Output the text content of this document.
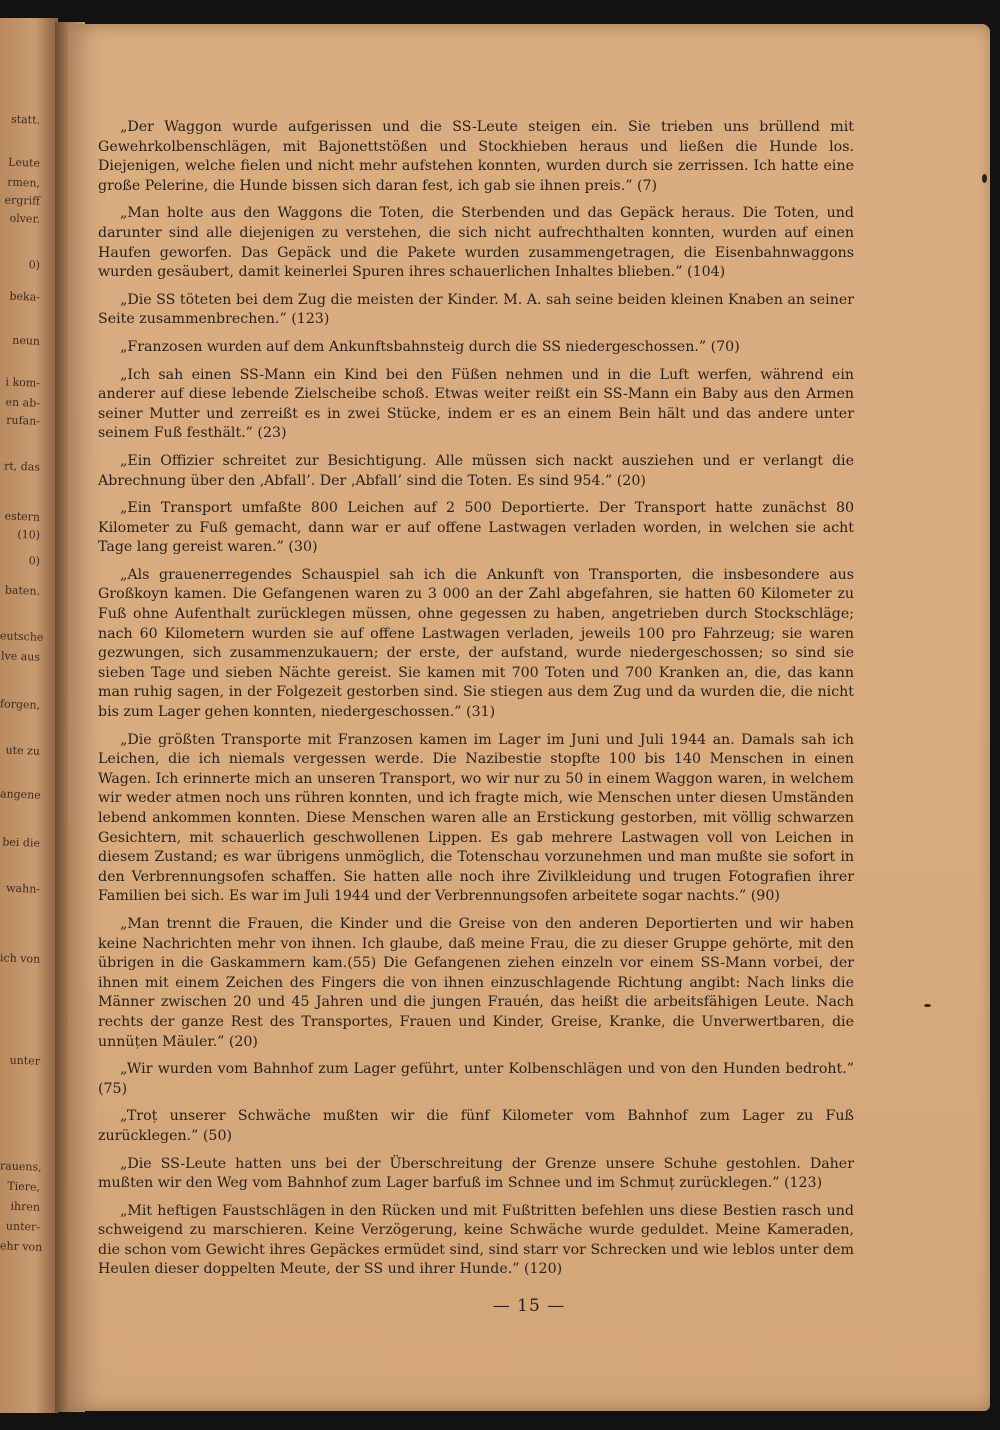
statt.
Leute
rmen,
ergriff
olver.
0)
beka-
neun
i kom-
en ab-
rufan-
rt, das
estern
(10)
0)
baten.
eutsche
lve aus
forgen,
ute zu
angene
bei die
wahn-
ich von
unter
rauens,
Tiere,
ihren
unter-
ehr von

„Der Waggon wurde aufgerissen und die SS-Leute steigen ein. Sie trieben uns brüllend mit Gewehrkolbenschlägen, mit Bajonettstößen und Stockhieben heraus und ließen die Hunde los. Diejenigen, welche fielen und nicht mehr aufstehen konnten, wurden durch sie zerrissen. Ich hatte eine große Pelerine, die Hunde bissen sich daran fest, ich gab sie ihnen preis.” (7)

„Man holte aus den Waggons die Toten, die Sterbenden und das Gepäck heraus. Die Toten, und darunter sind alle diejenigen zu verstehen, die sich nicht aufrechthalten konnten, wurden auf einen Haufen geworfen. Das Gepäck und die Pakete wurden zusammengetragen, die Eisenbahnwaggons wurden gesäubert, damit keinerlei Spuren ihres schauerlichen Inhaltes blieben.” (104)

„Die SS töteten bei dem Zug die meisten der Kinder. M. A. sah seine beiden kleinen Knaben an seiner Seite zusammenbrechen.” (123)

„Franzosen wurden auf dem Ankunftsbahnsteig durch die SS niedergeschossen.” (70)

„Ich sah einen SS-Mann ein Kind bei den Füßen nehmen und in die Luft werfen, während ein anderer auf diese lebende Zielscheibe schoß. Etwas weiter reißt ein SS-Mann ein Baby aus den Armen seiner Mutter und zerreißt es in zwei Stücke, indem er es an einem Bein hält und das andere unter seinem Fuß festhält.” (23)

„Ein Offizier schreitet zur Besichtigung. Alle müssen sich nackt ausziehen und er verlangt die Abrechnung über den ‚Abfall’. Der ‚Abfall’ sind die Toten. Es sind 954.” (20)

„Ein Transport umfaßte 800 Leichen auf 2 500 Deportierte. Der Transport hatte zunächst 80 Kilometer zu Fuß gemacht, dann war er auf offene Lastwagen verladen worden, in welchen sie acht Tage lang gereist waren.” (30)

„Als grauenerregendes Schauspiel sah ich die Ankunft von Transporten, die insbesondere aus Großkoyn kamen. Die Gefangenen waren zu 3 000 an der Zahl abgefahren, sie hatten 60 Kilometer zu Fuß ohne Aufenthalt zurücklegen müssen, ohne gegessen zu haben, angetrieben durch Stockschläge; nach 60 Kilometern wurden sie auf offene Lastwagen verladen, jeweils 100 pro Fahrzeug; sie waren gezwungen, sich zusammenzukauern; der erste, der aufstand, wurde niedergeschossen; so sind sie sieben Tage und sieben Nächte gereist. Sie kamen mit 700 Toten und 700 Kranken an, die, das kann man ruhig sagen, in der Folgezeit gestorben sind. Sie stiegen aus dem Zug und da wurden die, die nicht bis zum Lager gehen konnten, niedergeschossen.” (31)

„Die größten Transporte mit Franzosen kamen im Lager im Juni und Juli 1944 an. Damals sah ich Leichen, die ich niemals vergessen werde. Die Nazibestie stopfte 100 bis 140 Menschen in einen Wagen. Ich erinnerte mich an unseren Transport, wo wir nur zu 50 in einem Waggon waren, in welchem wir weder atmen noch uns rühren konnten, und ich fragte mich, wie Menschen unter diesen Umständen lebend ankommen konnten. Diese Menschen waren alle an Erstickung gestorben, mit völlig schwarzen Gesichtern, mit schauerlich geschwollenen Lippen. Es gab mehrere Lastwagen voll von Leichen in diesem Zustand; es war übrigens unmöglich, die Totenschau vorzunehmen und man mußte sie sofort in den Verbrennungsofen schaffen. Sie hatten alle noch ihre Zivilkleidung und trugen Fotografien ihrer Familien bei sich. Es war im Juli 1944 und der Verbrennungsofen arbeitete sogar nachts.” (90)

„Man trennt die Frauen, die Kinder und die Greise von den anderen Deportierten und wir haben keine Nachrichten mehr von ihnen. Ich glaube, daß meine Frau, die zu dieser Gruppe gehörte, mit den übrigen in die Gaskammern kam.(55) Die Gefangenen ziehen einzeln vor einem SS-Mann vorbei, der ihnen mit einem Zeichen des Fingers die von ihnen einzuschlagende Richtung angibt: Nach links die Männer zwischen 20 und 45 Jahren und die jungen Frauén, das heißt die arbeitsfähigen Leute. Nach rechts der ganze Rest des Transportes, Frauen und Kinder, Greise, Kranke, die Unverwertbaren, die unnüțen Mäuler.” (20)

„Wir wurden vom Bahnhof zum Lager geführt, unter Kolbenschlägen und von den Hunden bedroht.” (75)

„Troț unserer Schwäche mußten wir die fünf Kilometer vom Bahnhof zum Lager zu Fuß zurücklegen.” (50)

„Die SS-Leute hatten uns bei der Überschreitung der Grenze unsere Schuhe gestohlen. Daher mußten wir den Weg vom Bahnhof zum Lager barfuß im Schnee und im Schmuț zurücklegen.” (123)

„Mit heftigen Faustschlägen in den Rücken und mit Fußtritten befehlen uns diese Bestien rasch und schweigend zu marschieren. Keine Verzögerung, keine Schwäche wurde geduldet. Meine Kameraden, die schon vom Gewicht ihres Gepäckes ermüdet sind, sind starr vor Schrecken und wie leblos unter dem Heulen dieser doppelten Meute, der SS und ihrer Hunde.” (120)

— 15 —
